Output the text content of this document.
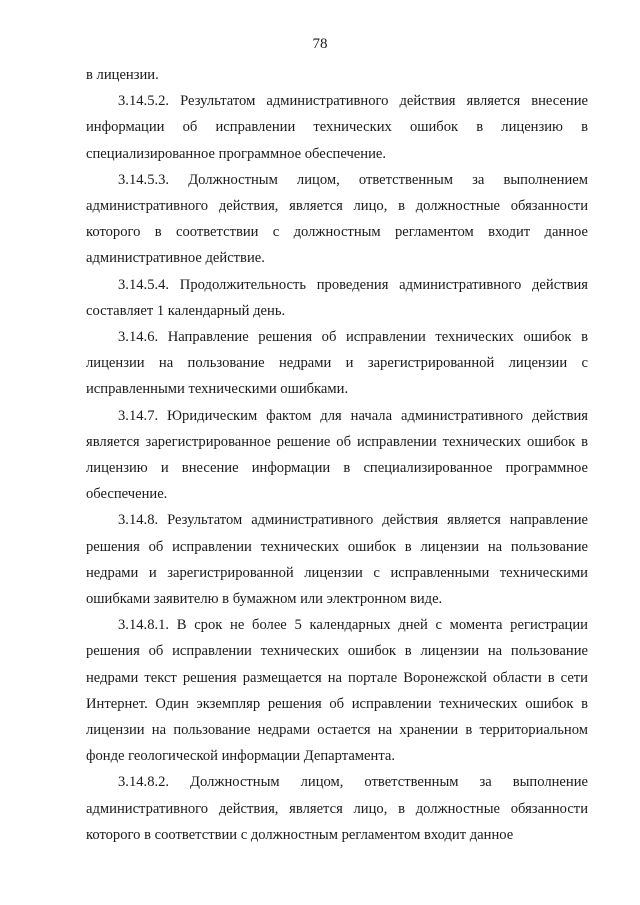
78

в лицензии.

3.14.5.2. Результатом административного действия является внесение информации об исправлении технических ошибок в лицензию в специализированное программное обеспечение.

3.14.5.3. Должностным лицом, ответственным за выполнением административного действия, является лицо, в должностные обязанности которого в соответствии с должностным регламентом входит данное административное действие.

3.14.5.4. Продолжительность проведения административного действия составляет 1 календарный день.

3.14.6. Направление решения об исправлении технических ошибок в лицензии на пользование недрами и зарегистрированной лицензии с исправленными техническими ошибками.

3.14.7. Юридическим фактом для начала административного действия является зарегистрированное решение об исправлении технических ошибок в лицензию и внесение информации в специализированное программное обеспечение.

3.14.8. Результатом административного действия является направление решения об исправлении технических ошибок в лицензии на пользование недрами и зарегистрированной лицензии с исправленными техническими ошибками заявителю в бумажном или электронном виде.

3.14.8.1. В срок не более 5 календарных дней с момента регистрации решения об исправлении технических ошибок в лицензии на пользование недрами текст решения размещается на портале Воронежской области в сети Интернет. Один экземпляр решения об исправлении технических ошибок в лицензии на пользование недрами остается на хранении в территориальном фонде геологической информации Департамента.

3.14.8.2. Должностным лицом, ответственным за выполнение административного действия, является лицо, в должностные обязанности которого в соответствии с должностным регламентом входит данное
